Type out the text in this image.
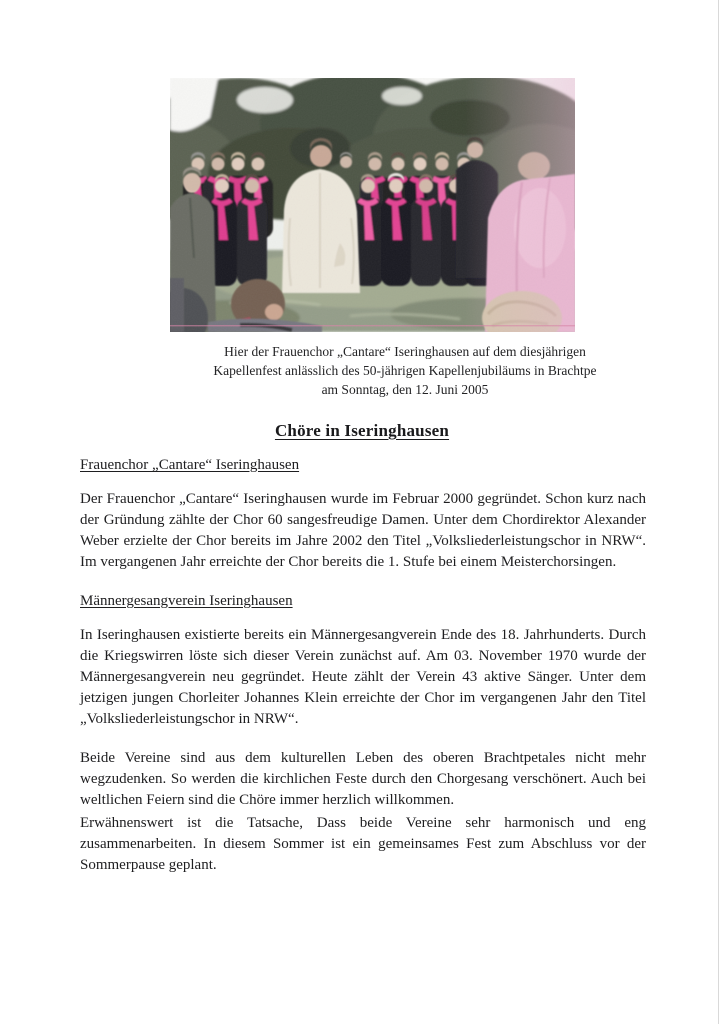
Hier der Frauenchor „Cantare“ Iseringhausen auf dem diesjährigen
Kapellenfest anlässlich des 50-jährigen Kapellenjubiläums in Brachtpe
am Sonntag, den 12. Juni 2005
Chöre in Iseringhausen
Frauenchor „Cantare“ Iseringhausen

Der Frauenchor „Cantare“ Iseringhausen wurde im Februar 2000 gegründet. Schon kurz nach der Gründung zählte der Chor 60 sangesfreudige Damen. Unter dem Chordirektor Alexander Weber erzielte der Chor bereits im Jahre 2002 den Titel „Volksliederleistungschor in NRW“. Im vergangenen Jahr erreichte der Chor bereits die 1. Stufe bei einem Meisterchorsingen.

Männergesangverein Iseringhausen

In Iseringhausen existierte bereits ein Männergesangverein Ende des 18. Jahrhunderts. Durch die Kriegswirren löste sich dieser Verein zunächst auf. Am 03. November 1970 wurde der Männergesangverein neu gegründet. Heute zählt der Verein 43 aktive Sänger. Unter dem jetzigen jungen Chorleiter Johannes Klein erreichte der Chor im vergangenen Jahr den Titel „Volksliederleistungschor in NRW“.

Beide Vereine sind aus dem kulturellen Leben des oberen Brachtpetales nicht mehr wegzudenken. So werden die kirchlichen Feste durch den Chorgesang verschönert. Auch bei weltlichen Feiern sind die Chöre immer herzlich willkommen.

Erwähnenswert ist die Tatsache, Dass beide Vereine sehr harmonisch und eng zusammenarbeiten. In diesem Sommer ist ein gemeinsames Fest zum Abschluss vor der Sommerpause geplant.
